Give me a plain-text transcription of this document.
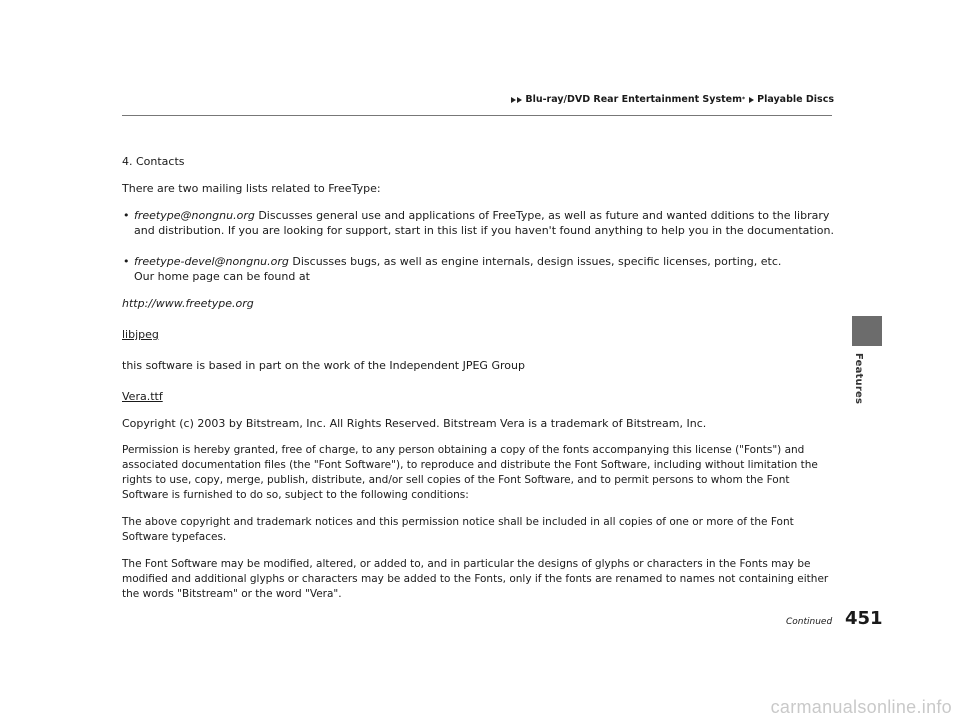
Blu-ray/DVD Rear Entertainment System * Playable Discs
Features

4. Contacts

There are two mailing lists related to FreeType:

• freetype@nongnu.org Discusses general use and applications of FreeType, as well as future and wanted dditions to the library and distribution. If you are looking for support, start in this list if you haven't found anything to help you in the documentation.

• freetype-devel@nongnu.org Discusses bugs, as well as engine internals, design issues, specific licenses, porting, etc.
Our home page can be found at

http://www.freetype.org

libjpeg

this software is based in part on the work of the Independent JPEG Group

Vera.ttf

Copyright (c) 2003 by Bitstream, Inc. All Rights Reserved. Bitstream Vera is a trademark of Bitstream, Inc.

Permission is hereby granted, free of charge, to any person obtaining a copy of the fonts accompanying this license ("Fonts") and associated documentation files (the "Font Software"), to reproduce and distribute the Font Software, including without limitation the rights to use, copy, merge, publish, distribute, and/or sell copies of the Font Software, and to permit persons to whom the Font Software is furnished to do so, subject to the following conditions:

The above copyright and trademark notices and this permission notice shall be included in all copies of one or more of the Font Software typefaces.

The Font Software may be modified, altered, or added to, and in particular the designs of glyphs or characters in the Fonts may be modified and additional glyphs or characters may be added to the Fonts, only if the fonts are renamed to names not containing either the words "Bitstream" or the word "Vera".

Continued 451
carmanualsonline.info
